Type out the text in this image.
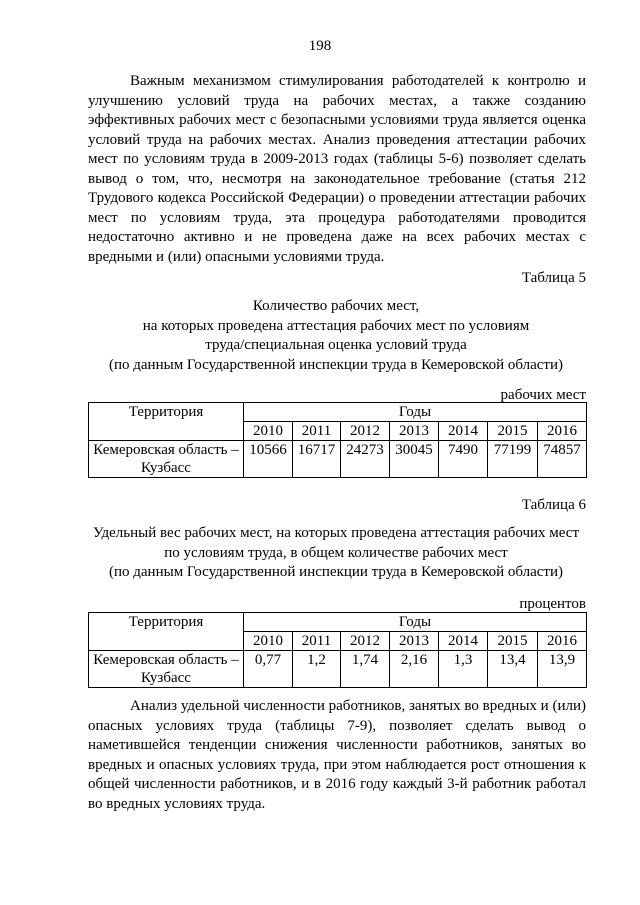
198

Важным механизмом стимулирования работодателей к контролю и улучшению условий труда на рабочих местах, а также созданию эффективных рабочих мест с безопасными условиями труда является оценка условий труда на рабочих местах. Анализ проведения аттестации рабочих мест по условиям труда в 2009-2013 годах (таблицы 5-6) позволяет сделать вывод о том, что, несмотря на законодательное требование (статья 212 Трудового кодекса Российской Федерации) о проведении аттестации рабочих мест по условиям труда, эта процедура работодателями проводится недостаточно активно и не проведена даже на всех рабочих местах с вредными и (или) опасными условиями труда.

Таблица 5
Количество рабочих мест,
на которых проведена аттестация рабочих мест по условиям
труда/специальная оценка условий труда
(по данным Государственной инспекции труда в Кемеровской области)
рабочих мест
Территория	Годы						
	2010	2011	2012	2013	2014	2015	2016

Кемеровская область –
Кузбасс	10566	16717	24273	30045	7490	77199	74857
Таблица 6
Удельный вес рабочих мест, на которых проведена аттестация рабочих мест
по условиям труда, в общем количестве рабочих мест
(по данным Государственной инспекции труда в Кемеровской области)
процентов
Территория	Годы						
	2010	2011	2012	2013	2014	2015	2016

Кемеровская область –
Кузбасс	0,77	1,2	1,74	2,16	1,3	13,4	13,9

Анализ удельной численности работников, занятых во вредных и (или) опасных условиях труда (таблицы 7-9), позволяет сделать вывод о наметившейся тенденции снижения численности работников, занятых во вредных и опасных условиях труда, при этом наблюдается рост отношения к общей численности работников, и в 2016 году каждый 3-й работник работал во вредных условиях труда.
